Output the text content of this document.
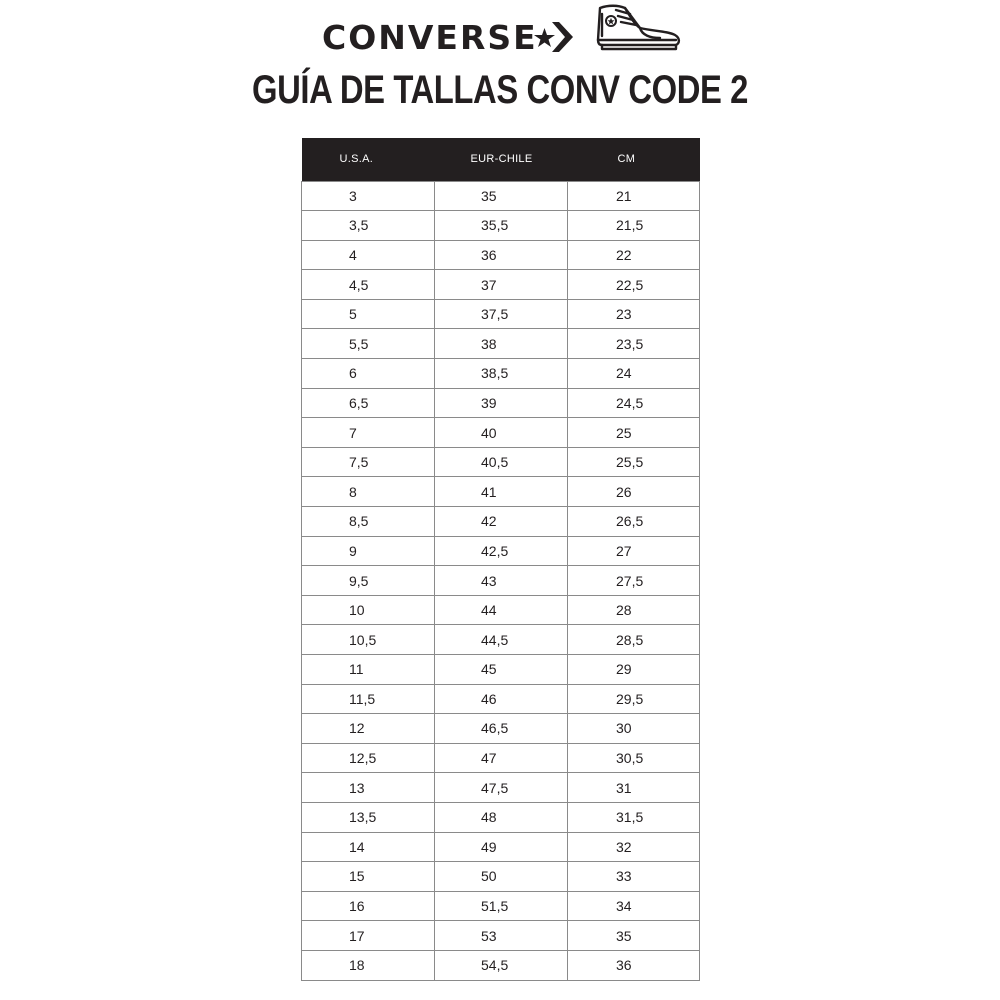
CONVERSE
GUÍA DE TALLAS CONV CODE 2
U.S.A.	EUR-CHILE	CM
3	35	21
3,5	35,5	21,5
4	36	22
4,5	37	22,5
5	37,5	23
5,5	38	23,5
6	38,5	24
6,5	39	24,5
7	40	25
7,5	40,5	25,5
8	41	26
8,5	42	26,5
9	42,5	27
9,5	43	27,5
10	44	28
10,5	44,5	28,5
11	45	29
11,5	46	29,5
12	46,5	30
12,5	47	30,5
13	47,5	31
13,5	48	31,5
14	49	32
15	50	33
16	51,5	34
17	53	35
18	54,5	36
